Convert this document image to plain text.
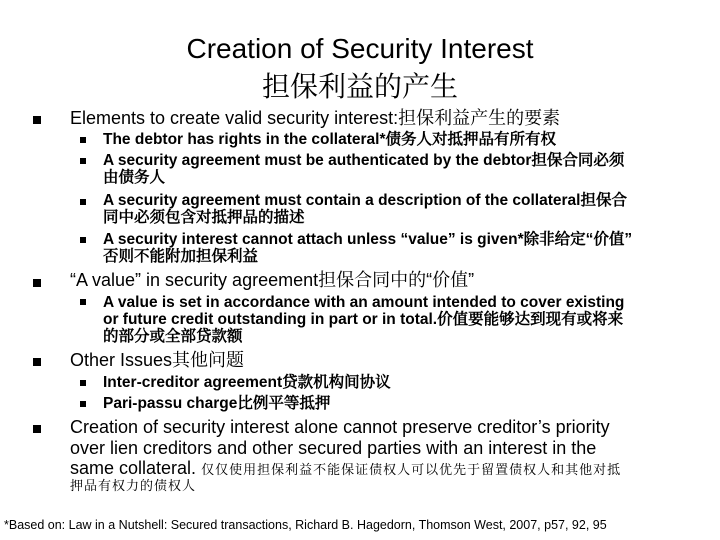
Creation of Security Interest
担保利益的产生
Elements to create valid security interest:担保利益产生的要素
The debtor has rights in the collateral*债务人对抵押品有所有权
A security agreement must be authenticated by the debtor担保合同必须
由债务人
A security agreement must contain a description of the collateral担保合
同中必须包含对抵押品的描述
A security interest cannot attach unless “value” is given*除非给定“价值”
否则不能附加担保利益
“A value” in security agreement担保合同中的“价值”
A value is set in accordance with an amount intended to cover existing
or future credit outstanding in part or in total.价值要能够达到现有或将来
的部分或全部贷款额
Other Issues其他问题
Inter-creditor agreement贷款机构间协议
Pari-passu charge比例平等抵押
Creation of security interest alone cannot preserve creditor’s priority
over lien creditors and other secured parties with an interest in the
same collateral. 仅仅使用担保利益不能保证债权人可以优先于留置债权人和其他对抵
押品有权力的债权人
*Based on: Law in a Nutshell: Secured transactions, Richard B. Hagedorn, Thomson West, 2007, p57, 92, 95
